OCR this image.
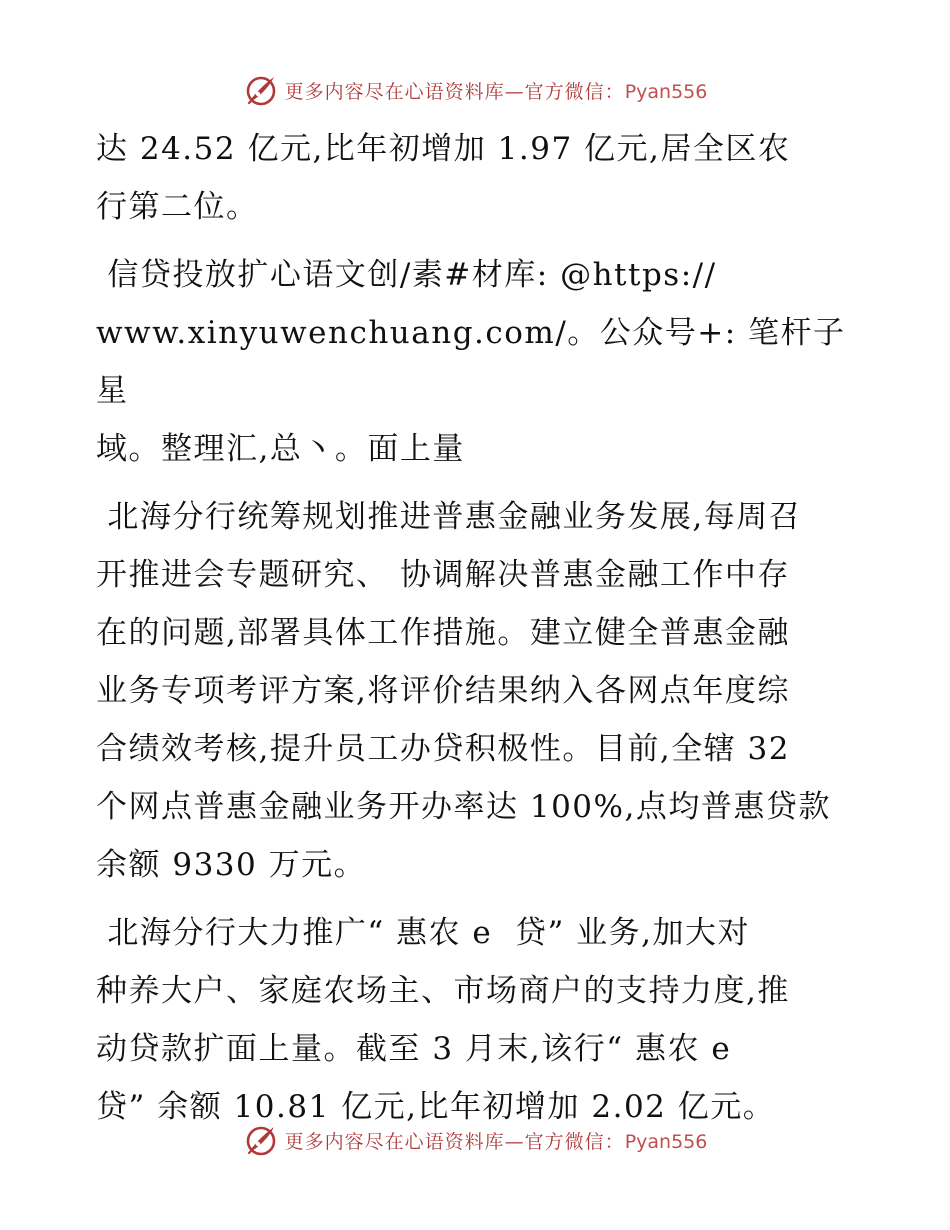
更多内容尽在心语资料库—官方微信：Pyan556

达 24.52 亿元,比年初增加 1.97 亿元,居全区农
行第二位。

信贷投放扩心语文创/素#材库: @https://
www.xinyuwenchuang.com/。公众号+: 笔杆子星
域。整理汇,总丶。面上量

北海分行统筹规划推进普惠金融业务发展,每周召
开推进会专题研究、 协调解决普惠金融工作中存
在的问题,部署具体工作措施。建立健全普惠金融
业务专项考评方案,将评价结果纳入各网点年度综
合绩效考核,提升员工办贷积极性。目前,全辖 32
个网点普惠金融业务开办率达 100%,点均普惠贷款
余额 9330 万元。

北海分行大力推广“ 惠农 e  贷” 业务,加大对
种养大户、家庭农场主、市场商户的支持力度,推
动贷款扩面上量。截至 3 月末,该行“ 惠农 e
贷” 余额 10.81 亿元,比年初增加 2.02 亿元。

更多内容尽在心语资料库—官方微信：Pyan556
